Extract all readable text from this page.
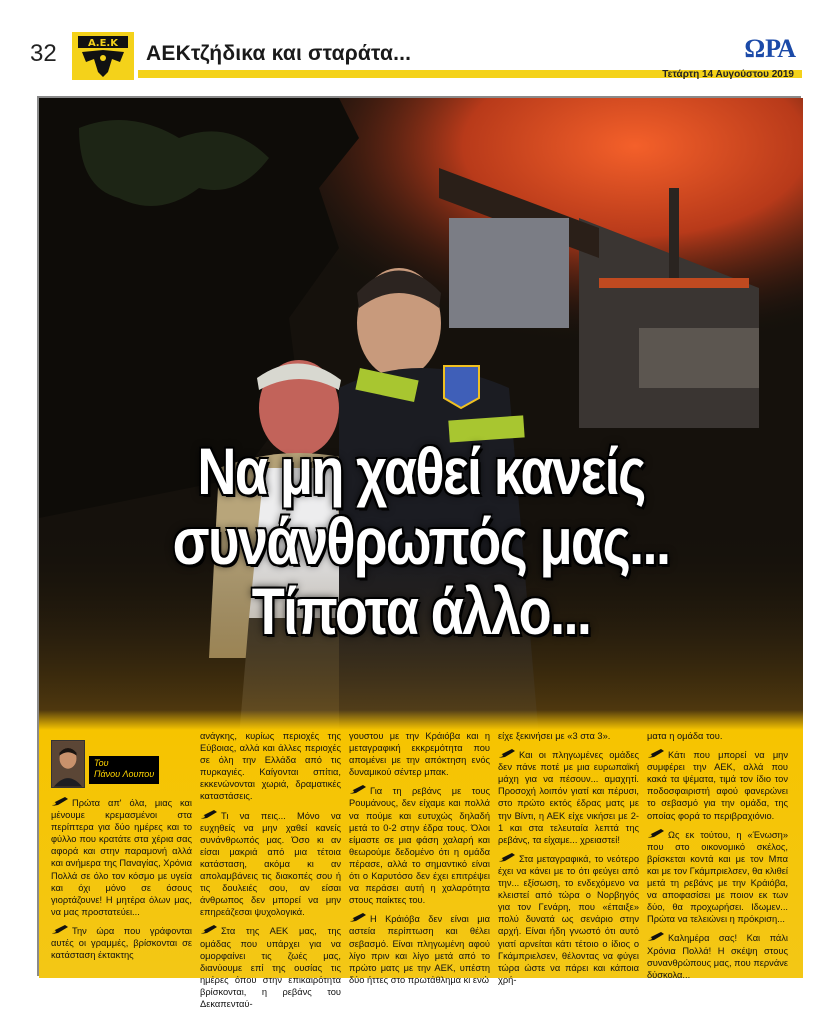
32	Α.Ε.Κ ΑΕΚτζήδικα και σταράτα...	ΩΡΑ
Τετάρτη 14 Αυγούστου 2019
Να μη χαθεί κανείς
συνάνθρωπός μας...
Τίποτα άλλο...
Του
Πάνου Λουπου

Πρώτα απ' όλα, μιας και μένουμε κρεμασμένοι στα περίπτερα για δύο ημέρες και το φύλλο που κρατάτε στα χέρια σας αφορά και στην παραμονή αλλά και ανήμερα της Παναγίας, Χρόνια Πολλά σε όλο τον κόσμο με υγεία και όχι μόνο σε όσους γιορτάζουνε! Η μητέρα όλων μας, να μας προστατεύει...

Την ώρα που γράφονται αυτές οι γραμμές, βρίσκονται σε κατάσταση έκτακτης

ανάγκης, κυρίως περιοχές της Εύβοιας, αλλά και άλλες περιοχές σε όλη την Ελλάδα από τις πυρκαγιές. Καίγονται σπίτια, εκκενώνονται χωριά, δραματικές καταστάσεις.

Τι να πεις... Μόνο να ευχηθείς να μην χαθεί κανείς συνάνθρωπός μας. Όσο κι αν είσαι μακριά από μια τέτοια κατάσταση, ακόμα κι αν απολαμβάνεις τις διακοπές σου ή τις δουλειές σου, αν είσαι άνθρωπος δεν μπορεί να μην επηρεάζεσαι ψυχολογικά.

Στα της ΑΕΚ μας, της ομάδας που υπάρχει για να ομορφαίνει τις ζωές μας, διανύουμε επί της ουσίας τις ημέρες όπου στην επικαιρότητα βρίσκονται, η ρεβάνς του Δεκαπενταύ-

γουστου με την Κράιόβα και η μεταγραφική εκκρεμότητα που απομένει με την απόκτηση ενός δυναμικού σέντερ μπακ.

Για τη ρεβάνς με τους Ρουμάνους, δεν είχαμε και πολλά να πούμε και ευτυχώς δηλαδή μετά το 0-2 στην έδρα τους. Όλοι είμαστε σε μια φάση χαλαρή και θεωρούμε δεδομένο ότι η ομάδα πέρασε, αλλά το σημαντικό είναι ότι ο Καρυτόσο δεν έχει επιτρέψει να περάσει αυτή η χαλαρότητα στους παίκτες του.

Η Κράιόβα δεν είναι μια αστεία περίπτωση και θέλει σεβασμό. Είναι πληγωμένη αφού λίγο πριν και λίγο μετά από το πρώτο ματς με την ΑΕΚ, υπέστη δύο ήττες στο πρωτάθλημα κι ενώ

είχε ξεκινήσει με «3 στα 3».

Και οι πληγωμένες ομάδες δεν πάνε ποτέ με μια ευρωπαϊκή μάχη για να πέσουν... αμαχητί. Προσοχή λοιπόν γιατί και πέρυσι, στο πρώτο εκτός έδρας ματς με την Βίντι, η ΑΕΚ είχε νικήσει με 2-1 και στα τελευταία λεπτά της ρεβάνς, τα είχαμε... χρειαστεί!

Στα μεταγραφικά, το νεότερο έχει να κάνει με το ότι φεύγει από την... εξίσωση, το ενδεχόμενο να κλειστεί από τώρα ο Νορβηγός για τον Γενάρη, που «έπαιξε» πολύ δυνατά ως σενάριο στην αρχή. Είναι ήδη γνωστό ότι αυτό γιατί αρνείται κάτι τέτοιο ο ίδιος ο Γκάμπριελσεν, θέλοντας να φύγει τώρα ώστε να πάρει και κάποια χρή-

ματα η ομάδα του.

Κάτι που μπορεί να μην συμφέρει την ΑΕΚ, αλλά που κακά τα ψέματα, τιμά τον ίδιο τον ποδοσφαιριστή αφού φανερώνει το σεβασμό για την ομάδα, της οποίας φορά το περιβραχιόνιο.

Ως εκ τούτου, η «Ένωση» που στο οικονομικό σκέλος, βρίσκεται κοντά και με τον Μπα και με τον Γκάμπριελσεν, θα κλιθεί μετά τη ρεβάνς με την Κράιόβα, να αποφασίσει με ποιον εκ των δύο, θα προχωρήσει. Ιδωμεν... Πρώτα να τελειώνει η πρόκριση...

Καλημέρα σας! Και πάλι Χρόνια Πολλά! Η σκέψη στους συνανθρώπους μας, που περνάνε δύσκολα...
